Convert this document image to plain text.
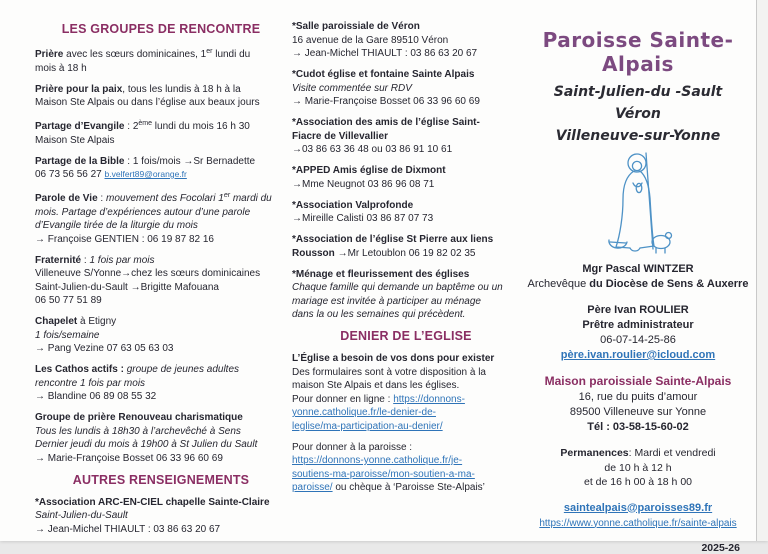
LES GROUPES DE RENCONTRE

Prière avec les sœurs dominicaines, 1er lundi du
mois à 18 h

Prière pour la paix, tous les lundis à 18 h à la
Maison Ste Alpais ou dans l’église aux beaux jours

Partage d’Evangile : 2ème lundi du mois 16 h 30
Maison Ste Alpais

Partage de la Bible : 1 fois/mois →Sr Bernadette
06 73 56 56 27 b.velfert89@orange.fr

Parole de Vie : mouvement des Focolari 1er mardi du
mois. Partage d’expériences autour d’une parole
d’Evangile tirée de la liturgie du mois
→ Françoise GENTIEN : 06 19 87 82 16

Fraternité : 1 fois par mois
Villeneuve S/Yonne→chez les sœurs dominicaines
Saint-Julien-du-Sault →Brigitte Mafouana
06 50 77 51 89

Chapelet à Etigny
1 fois/semaine
→ Pang Vezine 07 63 05 63 03

Les Cathos actifs : groupe de jeunes adultes
rencontre 1 fois par mois
→ Blandine 06 89 08 55 32

Groupe de prière Renouveau charismatique
Tous les lundis à 18h30 à l’archevêché à Sens
Dernier jeudi du mois à 19h00 à St Julien du Sault
→ Marie-Françoise Bosset 06 33 96 60 69

AUTRES RENSEIGNEMENTS

*Association ARC-EN-CIEL chapelle Sainte-Claire
Saint-Julien-du-Sault
→ Jean-Michel THIAULT : 03 86 63 20 67

*Salle paroissiale de Véron
16 avenue de la Gare 89510 Véron
→ Jean-Michel THIAULT : 03 86 63 20 67

*Cudot église et fontaine Sainte Alpais
Visite commentée sur RDV
→ Marie-Françoise Bosset 06 33 96 60 69

*Association des amis de l’église Saint-
Fiacre de Villevallier
→03 86 63 36 48 ou 03 86 91 10 61

*APPED Amis église de Dixmont
→Mme Neugnot 03 86 96 08 71

*Association Valprofonde
→Mireille Calisti 03 86 87 07 73

*Association de l’église St Pierre aux liens
Rousson →Mr Letoublon 06 19 82 02 35

*Ménage et fleurissement des églises
Chaque famille qui demande un baptême ou un
mariage est invitée à participer au ménage
dans la ou les semaines qui précèdent.

DENIER DE L’EGLISE

L’Église a besoin de vos dons pour exister
Des formulaires sont à votre disposition à la
maison Ste Alpais et dans les églises.
Pour donner en ligne : https://donnons-
yonne.catholique.fr/le-denier-de-
leglise/ma-participation-au-denier/

Pour donner à la paroisse :
https://donnons-yonne.catholique.fr/je-
soutiens-ma-paroisse/mon-soutien-a-ma-
paroisse/ ou chèque à ‘Paroisse Ste-Alpais’

Paroisse Sainte-Alpais
Saint-Julien-du -Sault
Véron
Villeneuve-sur-Yonne

Mgr Pascal WINTZER
Archevêque du Diocèse de Sens & Auxerre

Père Ivan ROULIER
Prêtre administrateur
06-07-14-25-86
père.ivan.roulier@icloud.com

Maison paroissiale Sainte-Alpais
16, rue du puits d’amour
89500 Villeneuve sur Yonne
Tél : 03-58-15-60-02

Permanences: Mardi et vendredi
de 10 h à 12 h
et de 16 h 00 à 18 h 00

saintealpais@paroisses89.fr
https://www.yonne.catholique.fr/sainte-alpais

2025-26
